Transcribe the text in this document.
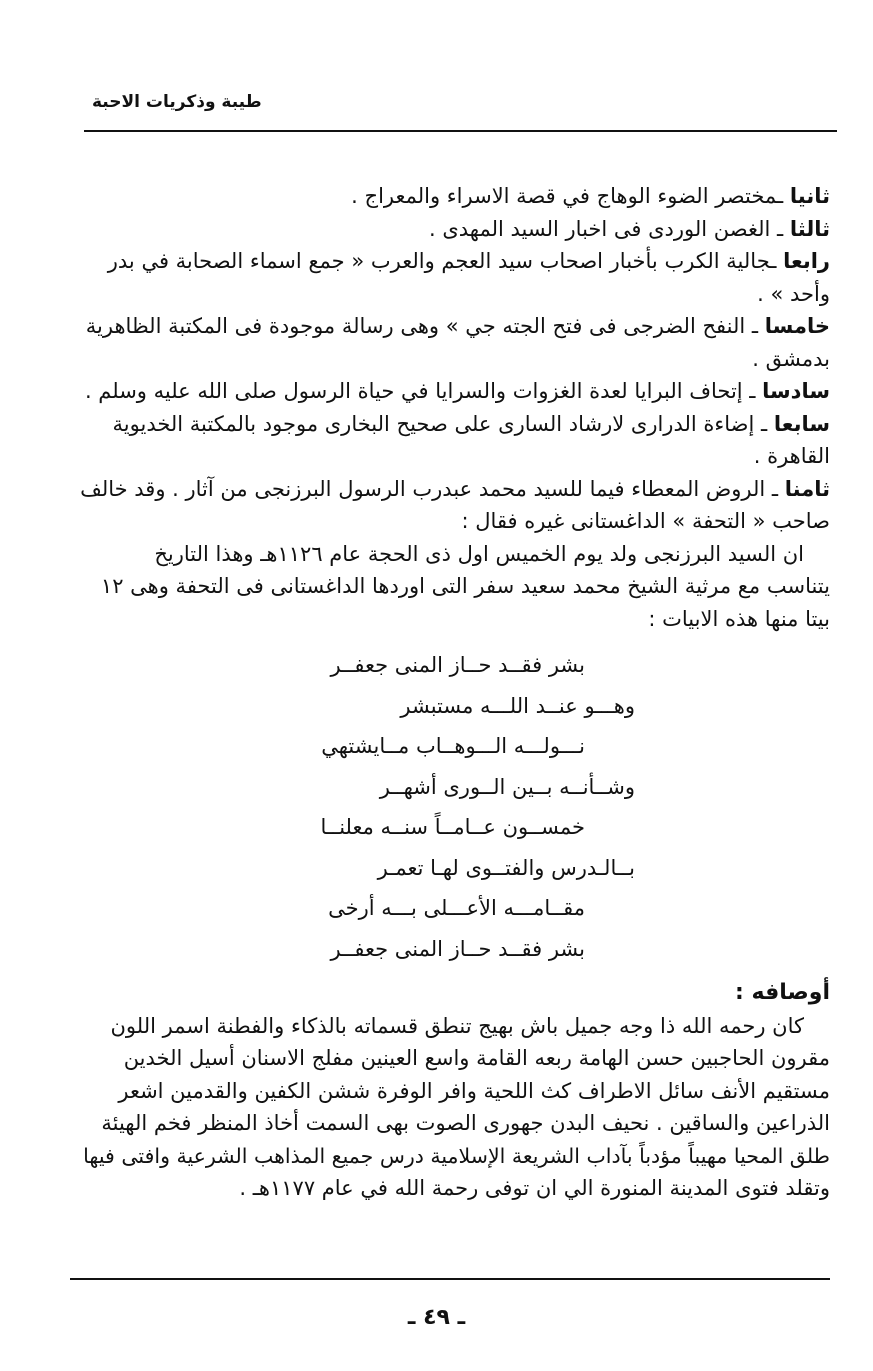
طيبة وذكريات الاحبة
ثانيا ـمختصر الضوء الوهاج في قصة الاسراء والمعراج .
ثالثا ـ الغصن الوردى فى اخبار السيد المهدى .
رابعا ـجالية الكرب بأخبار اصحاب سيد العجم والعرب « جمع اسماء الصحابة في بدر
وأحد » .
خامسا ـ النفح الضرجى فى فتح الجته جي » وهى رسالة موجودة فى المكتبة الظاهرية
بدمشق .
سادسا ـ إتحاف البرايا لعدة الغزوات والسرايا في حياة الرسول صلى الله عليه وسلم .
سابعا ـ إضاءة الدرارى لارشاد السارى على صحيح البخارى موجود بالمكتبة الخديوية
القاهرة .
ثامنا ـ الروض المعطاء فيما للسيد محمد عبدرب الرسول البرزنجى من آثار . وقد خالف
صاحب « التحفة » الداغستانى غيره فقال :
ان السيد البرزنجى ولد يوم الخميس اول ذى الحجة عام ١١٢٦هـ وهذا التاريخ
يتناسب مع مرثية الشيخ محمد سعيد سفر التى اوردها الداغستانى فى التحفة وهى ١٢
بيتا منها هذه الابيات :
بشر فقــد حــاز المنى جعفــر
وهـــو عنــد اللـــه مستبشر
نـــولـــه الـــوهــاب مــايشتهي
وشــأنــه بــين الــورى أشهــر
خمســون عــامــاً سنــه معلنــا
بــالـدرس والفتــوى لهـا تعمـر
مقــامـــه الأعـــلى بـــه أرخى
بشر فقــد حــاز المنى جعفــر
أوصافه :
كان رحمه الله ذا وجه جميل باش بهيج تنطق قسماته بالذكاء والفطنة اسمر اللون
مقرون الحاجبين حسن الهامة ربعه القامة واسع العينين مفلج الاسنان أسيل الخدين
مستقيم الأنف سائل الاطراف كث اللحية وافر الوفرة ششن الكفين والقدمين اشعر
الذراعين والساقين . نحيف البدن جهورى الصوت بهى السمت أخاذ المنظر فخم الهيئة
طلق المحيا مهيباً مؤدباً بآداب الشريعة الإسلامية درس جميع المذاهب الشرعية وافتى فيها
وتقلد فتوى المدينة المنورة الي ان توفى رحمة الله في عام ١١٧٧هـ .
ـ ٤٩ ـ
